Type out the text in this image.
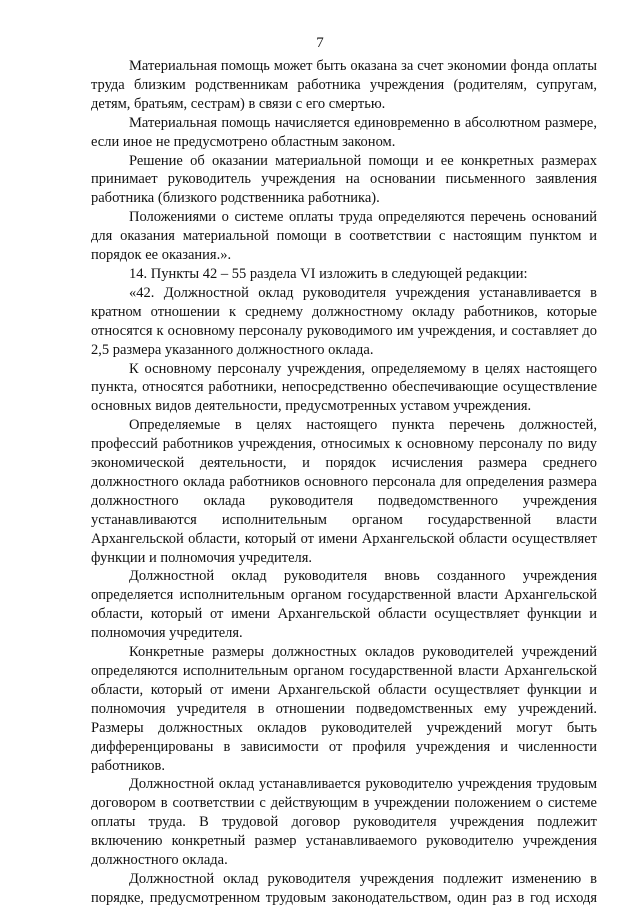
7

Материальная помощь может быть оказана за счет экономии фонда оплаты труда близким родственникам работника учреждения (родителям, супругам, детям, братьям, сестрам) в связи с его смертью.

Материальная помощь начисляется единовременно в абсолютном размере, если иное не предусмотрено областным законом.

Решение об оказании материальной помощи и ее конкретных размерах принимает руководитель учреждения на основании письменного заявления работника (близкого родственника работника).

Положениями о системе оплаты труда определяются перечень оснований для оказания материальной помощи в соответствии с настоящим пунктом и порядок ее оказания.».

14. Пункты 42 – 55 раздела VI изложить в следующей редакции:

«42. Должностной оклад руководителя учреждения устанавливается в кратном отношении к среднему должностному окладу работников, которые относятся к основному персоналу руководимого им учреждения, и составляет до 2,5 размера указанного должностного оклада.

К основному персоналу учреждения, определяемому в целях настоящего пункта, относятся работники, непосредственно обеспечивающие осуществление основных видов деятельности, предусмотренных уставом учреждения.

Определяемые в целях настоящего пункта перечень должностей, профессий работников учреждения, относимых к основному персоналу по виду экономической деятельности, и порядок исчисления размера среднего должностного оклада работников основного персонала для определения размера должностного оклада руководителя подведомственного учреждения устанавливаются исполнительным органом государственной власти Архангельской области, который от имени Архангельской области осуществляет функции и полномочия учредителя.

Должностной оклад руководителя вновь созданного учреждения определяется исполнительным органом государственной власти Архангельской области, который от имени Архангельской области осуществляет функции и полномочия учредителя.

Конкретные размеры должностных окладов руководителей учреждений определяются исполнительным органом государственной власти Архангельской области, который от имени Архангельской области осуществляет функции и полномочия учредителя в отношении подведомственных ему учреждений. Размеры должностных окладов руководителей учреждений могут быть дифференцированы в зависимости от профиля учреждения и численности работников.

Должностной оклад устанавливается руководителю учреждения трудовым договором в соответствии с действующим в учреждении положением о системе оплаты труда. В трудовой договор руководителя учреждения подлежит включению конкретный размер устанавливаемого руководителю учреждения должностного оклада.

Должностной оклад руководителя учреждения подлежит изменению в порядке, предусмотренном трудовым законодательством, один раз в год исходя
